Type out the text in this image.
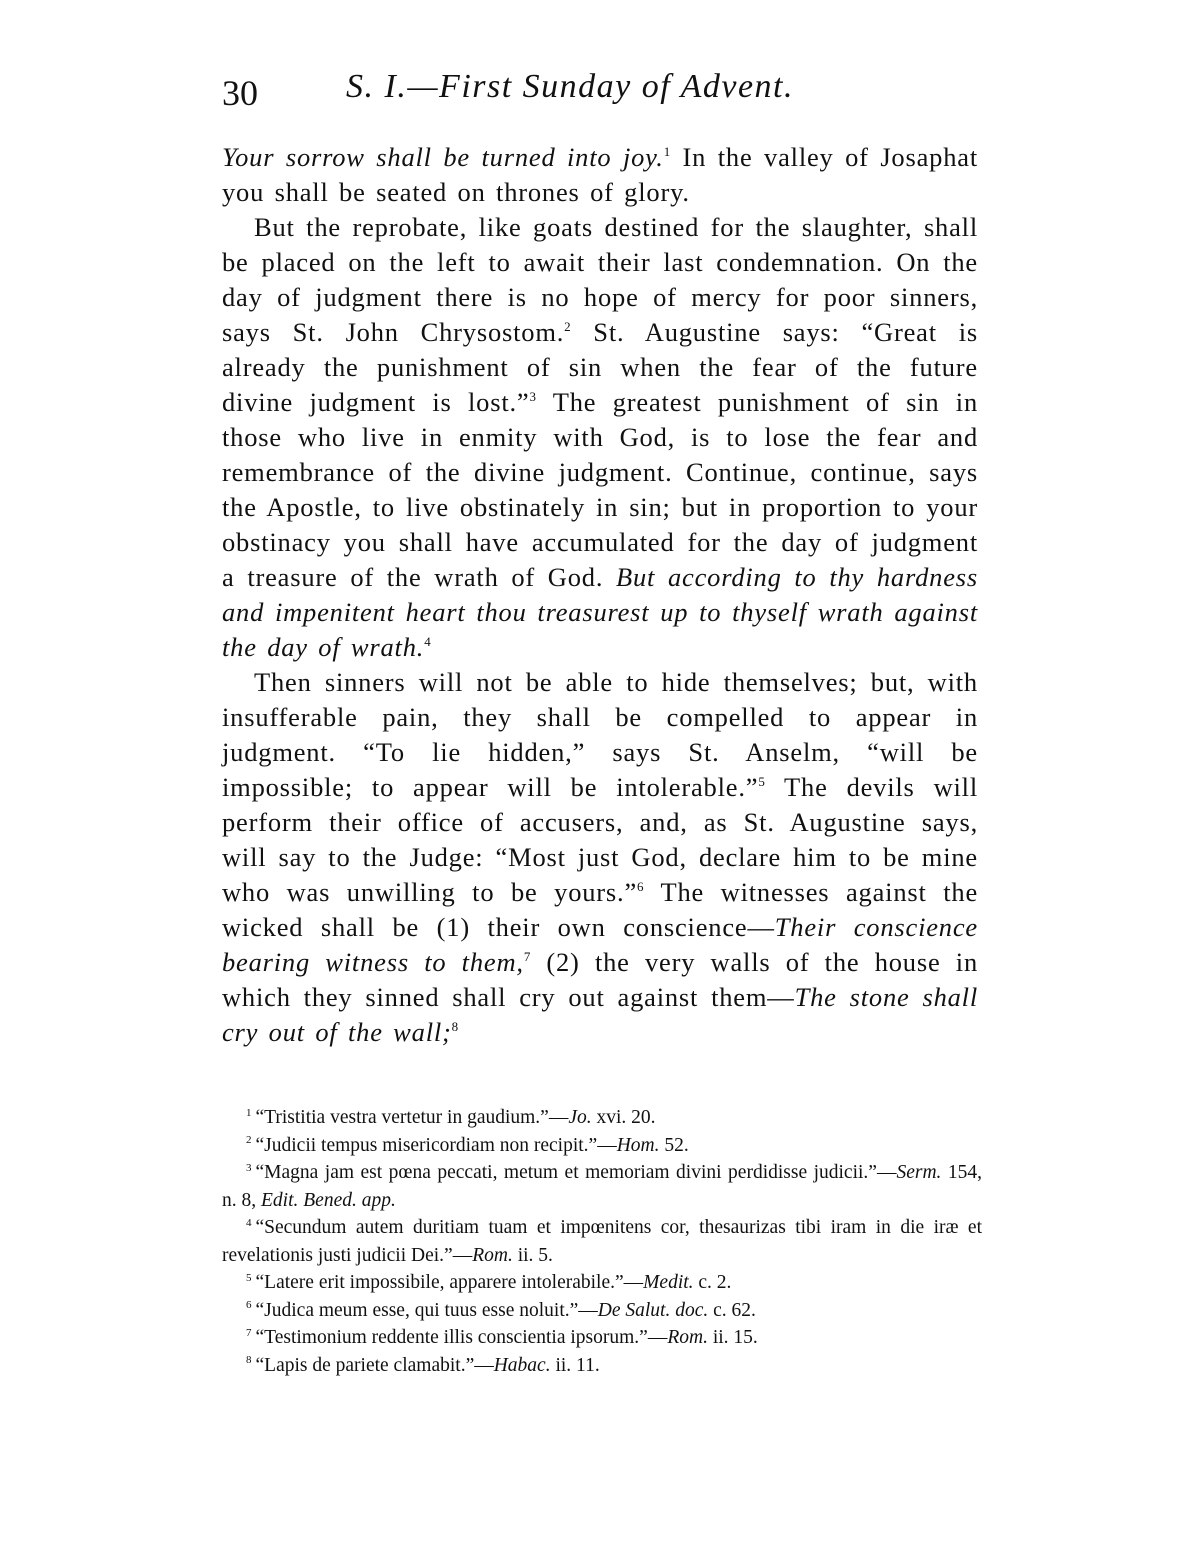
30	S. I.—First Sunday of Advent.

Your sorrow shall be turned into joy.$^1$ In the valley of Josaphat you shall be seated on thrones of glory.

But the reprobate, like goats destined for the slaughter, shall be placed on the left to await their last condemnation. On the day of judgment there is no hope of mercy for poor sinners, says St. John Chrysostom.$^2$ St. Augustine says: “Great is already the punishment of sin when the fear of the future divine judgment is lost.”$^3$ The greatest punishment of sin in those who live in enmity with God, is to lose the fear and remembrance of the divine judgment. Continue, continue, says the Apostle, to live obstinately in sin; but in proportion to your obstinacy you shall have accumulated for the day of judgment a treasure of the wrath of God. But according to thy hardness and impenitent heart thou treasurest up to thyself wrath against the day of wrath.$^4$

Then sinners will not be able to hide themselves; but, with insufferable pain, they shall be compelled to appear in judgment. “To lie hidden,” says St. Anselm, “will be impossible; to appear will be intolerable.”$^5$ The devils will perform their office of accusers, and, as St. Augustine says, will say to the Judge: “Most just God, declare him to be mine who was unwilling to be yours.”$^6$ The witnesses against the wicked shall be (1) their own conscience—Their conscience bearing witness to them,$^7$ (2) the very walls of the house in which they sinned shall cry out against them—The stone shall cry out of the wall;$^8$

$^1$ “Tristitia vestra vertetur in gaudium.”—Jo. xvi. 20.

$^2$ “Judicii tempus misericordiam non recipit.”—Hom. 52.

$^3$ “Magna jam est pœna peccati, metum et memoriam divini perdidisse judicii.”—Serm. 154, n. 8, Edit. Bened. app.

$^4$ “Secundum autem duritiam tuam et impœnitens cor, thesaurizas tibi iram in die iræ et revelationis justi judicii Dei.”—Rom. ii. 5.

$^5$ “Latere erit impossibile, apparere intolerabile.”—Medit. c. 2.

$^6$ “Judica meum esse, qui tuus esse noluit.”—De Salut. doc. c. 62.

$^7$ “Testimonium reddente illis conscientia ipsorum.”—Rom. ii. 15.

$^8$ “Lapis de pariete clamabit.”—Habac. ii. 11.
